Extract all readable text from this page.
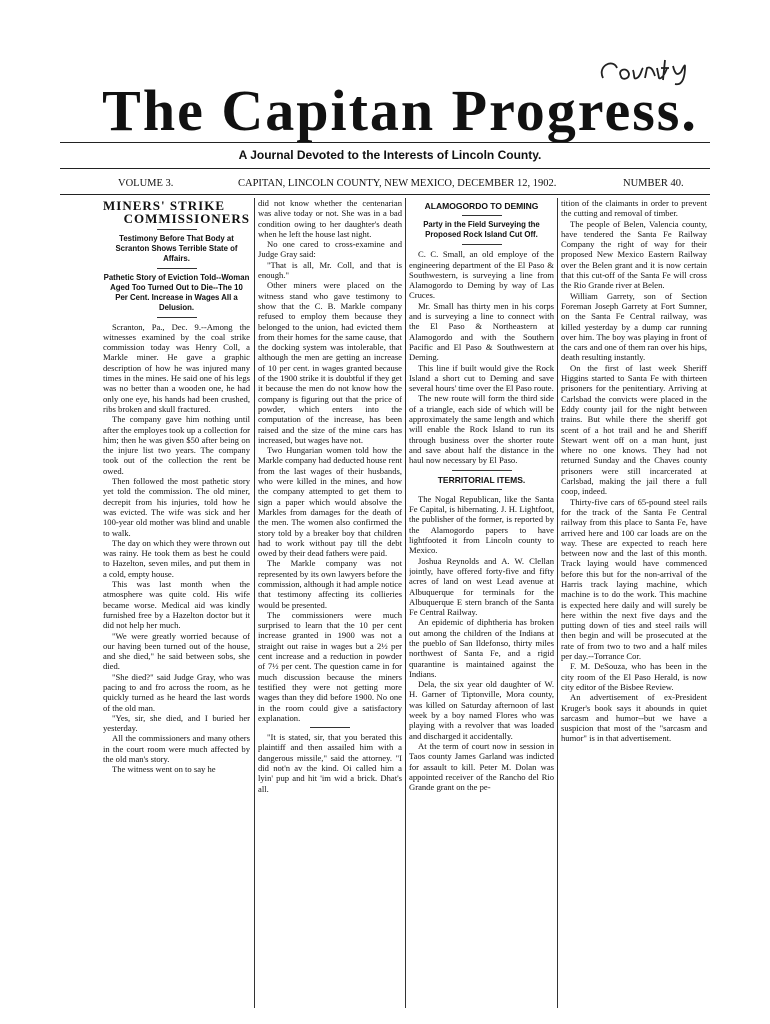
The Capitan Progress.
A Journal Devoted to the Interests of Lincoln County.
VOLUME 3.	CAPITAN, LINCOLN COUNTY, NEW MEXICO, DECEMBER 12, 1902.	NUMBER 40.
MINERS' STRIKE
COMMISSIONERS
Testimony Before That Body at Scranton Shows Terrible State of Affairs.
Pathetic Story of Eviction Told--Woman Aged Too Turned Out to Die--The 10 Per Cent. Increase in Wages All a Delusion.

Scranton, Pa., Dec. 9.--Among the witnesses examined by the coal strike commission today was Henry Coll, a Markle miner. He gave a graphic description of how he was injured many times in the mines. He said one of his legs was no better than a wooden one, he had only one eye, his hands had been crushed, ribs broken and skull fractured.

The company gave him nothing until after the employes took up a collection for him; then he was given $50 after being on the injure list two years. The company took out of the collection the rent be owed.

Then followed the most pathetic story yet told the commission. The old miner, decrepit from his injuries, told how he was evicted. The wife was sick and her 100-year old mother was blind and unable to walk.

The day on which they were thrown out was rainy. He took them as best he could to Hazelton, seven miles, and put them in a cold, empty house.

This was last month when the atmosphere was quite cold. His wife became worse. Medical aid was kindly furnished free by a Hazelton doctor but it did not help her much.

"We were greatly worried because of our having been turned out of the house, and she died," he said between sobs, she died.

"She died?" said Judge Gray, who was pacing to and fro across the room, as he quickly turned as he heard the last words of the old man.

"Yes, sir, she died, and I buried her yesterday.

All the commissioners and many others in the court room were much affected by the old man's story.

The witness went on to say he

did not know whether the centenarian was alive today or not. She was in a bad condition owing to her daughter's death when he left the house last night.

No one cared to cross-examine and Judge Gray said:

"That is all, Mr. Coll, and that is enough."

Other miners were placed on the witness stand who gave testimony to show that the C. B. Markle company refused to employ them because they belonged to the union, had evicted them from their homes for the same cause, that the docking system was intolerable, that although the men are getting an increase of 10 per cent. in wages granted because of the 1900 strike it is doubtful if they get it because the men do not know how the company is figuring out that the price of powder, which enters into the computation of the increase, has been raised and the size of the mine cars has increased, but wages have not.

Two Hungarian women told how the Markle company had deducted house rent from the last wages of their husbands, who were killed in the mines, and how the company attempted to get them to sign a paper which would absolve the Markles from damages for the death of the men. The women also confirmed the story told by a breaker boy that children had to work without pay till the debt owed by their dead fathers were paid.

The Markle company was not represented by its own lawyers before the commission, although it had ample notice that testimony affecting its collieries would be presented.

The commissioners were much surprised to learn that the 10 per cent increase granted in 1900 was not a straight out raise in wages but a 2½ per cent increase and a reduction in powder of 7½ per cent. The question came in for much discussion because the miners testified they were not getting more wages than they did before 1900. No one in the room could give a satisfactory explanation.

"It is stated, sir, that you berated this plaintiff and then assailed him with a dangerous missile," said the attorney. "I did not'n av the kind. Oi called him a lyin' pup and hit 'im wid a brick. Dhat's all.

ALAMOGORDO TO DEMING
Party in the Field Surveying the Proposed Rock Island Cut Off.

C. C. Small, an old employe of the engineering department of the El Paso & Southwestern, is surveying a line from Alamogordo to Deming by way of Las Cruces.

Mr. Small has thirty men in his corps and is surveying a line to connect with the El Paso & Northeastern at Alamogordo and with the Southern Pacific and El Paso & Southwestern at Deming.

This line if built would give the Rock Island a short cut to Deming and save several hours' time over the El Paso route.

The new route will form the third side of a triangle, each side of which will be approximately the same length and which will enable the Rock Island to run its through business over the shorter route and save about half the distance in the haul now necessary by El Paso.

TERRITORIAL ITEMS.

The Nogal Republican, like the Santa Fe Capital, is hibernating. J. H. Lightfoot, the publisher of the former, is reported by the Alamogordo papers to have lightfooted it from Lincoln county to Mexico.

Joshua Reynolds and A. W. Clellan jointly, have offered forty-five and fifty acres of land on west Lead avenue at Albuquerque for terminals for the Albuquerque E stern branch of the Santa Fe Central Railway.

An epidemic of diphtheria has broken out among the children of the Indians at the pueblo of San Ildefonso, thirty miles northwest of Santa Fe, and a rigid quarantine is maintained against the Indians.

Dela, the six year old daughter of W. H. Garner of Tiptonville, Mora county, was killed on Saturday afternoon of last week by a boy named Flores who was playing with a revolver that was loaded and discharged it accidentally.

At the term of court now in session in Taos county James Garland was indicted for assault to kill. Peter M. Dolan was appointed receiver of the Rancho del Rio Grande grant on the pe-

tition of the claimants in order to prevent the cutting and removal of timber.

The people of Belen, Valencia county, have tendered the Santa Fe Railway Company the right of way for their proposed New Mexico Eastern Railway over the Belen grant and it is now certain that this cut-off of the Santa Fe will cross the Rio Grande river at Belen.

William Garrety, son of Section Foreman Joseph Garrety at Fort Sumner, on the Santa Fe Central railway, was killed yesterday by a dump car running over him. The boy was playing in front of the cars and one of them ran over his hips, death resulting instantly.

On the first of last week Sheriff Higgins started to Santa Fe with thirteen prisoners for the penitentiary. Arriving at Carlsbad the convicts were placed in the Eddy county jail for the night between trains. But while there the sheriff got scent of a hot trail and he and Sheriff Stewart went off on a man hunt, just where no one knows. They had not returned Sunday and the Chaves county prisoners were still incarcerated at Carlsbad, making the jail there a full coop, indeed.

Thirty-five cars of 65-pound steel rails for the track of the Santa Fe Central railway from this place to Santa Fe, have arrived here and 100 car loads are on the way. These are expected to reach here between now and the last of this month. Track laying would have commenced before this but for the non-arrival of the Harris track laying machine, which machine is to do the work. This machine is expected here daily and will surely be here within the next five days and the putting down of ties and steel rails will then begin and will be prosecuted at the rate of from two to two and a half miles per day.--Torrance Cor.

F. M. DeSouza, who has been in the city room of the El Paso Herald, is now city editor of the Bisbee Review.

An advertisement of ex-President Kruger's book says it abounds in quiet sarcasm and humor--but we have a suspicion that most of the "sarcasm and humor" is in that advertisement.
